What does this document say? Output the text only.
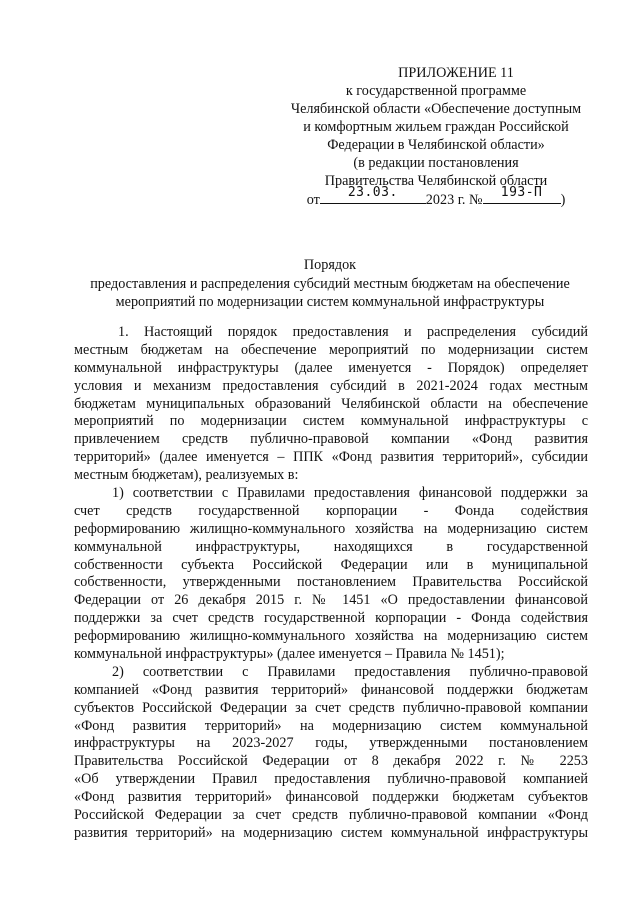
ПРИЛОЖЕНИЕ 11
к государственной программе
Челябинской области «Обеспечение доступным
и комфортным жильем граждан Российской
Федерации в Челябинской области»
(в редакции постановления
Правительства Челябинской области
от	23.03.	2023 г. №	193-П	)
Порядок
предоставления и распределения субсидий местным бюджетам на обеспечение
мероприятий по модернизации систем коммунальной инфраструктуры
1. Настоящий порядок предоставления и распределения субсидий
местным бюджетам на обеспечение мероприятий по модернизации систем
коммунальной инфраструктуры (далее именуется - Порядок) определяет
условия и механизм предоставления субсидий в 2021-2024 годах местным
бюджетам муниципальных образований Челябинской области на обеспечение
мероприятий по модернизации систем коммунальной инфраструктуры с
привлечением средств публично-правовой компании «Фонд развития
территорий» (далее именуется – ППК «Фонд развития территорий», субсидии
местным бюджетам), реализуемых в:
1) соответствии с Правилами предоставления финансовой поддержки за
счет средств государственной корпорации - Фонда содействия
реформированию жилищно-коммунального хозяйства на модернизацию систем
коммунальной инфраструктуры, находящихся в государственной
собственности субъекта Российской Федерации или в муниципальной
собственности, утвержденными постановлением Правительства Российской
Федерации от 26 декабря 2015 г. № 1451 «О предоставлении финансовой
поддержки за счет средств государственной корпорации - Фонда содействия
реформированию жилищно-коммунального хозяйства на модернизацию систем
коммунальной инфраструктуры» (далее именуется – Правила № 1451);
2) соответствии с Правилами предоставления публично-правовой
компанией «Фонд развития территорий» финансовой поддержки бюджетам
субъектов Российской Федерации за счет средств публично-правовой компании
«Фонд развития территорий» на модернизацию систем коммунальной
инфраструктуры на 2023-2027 годы, утвержденными постановлением
Правительства Российской Федерации от 8 декабря 2022 г. № 2253
«Об утверждении Правил предоставления публично-правовой компанией
«Фонд развития территорий» финансовой поддержки бюджетам субъектов
Российской Федерации за счет средств публично-правовой компании «Фонд
развития территорий» на модернизацию систем коммунальной инфраструктуры
